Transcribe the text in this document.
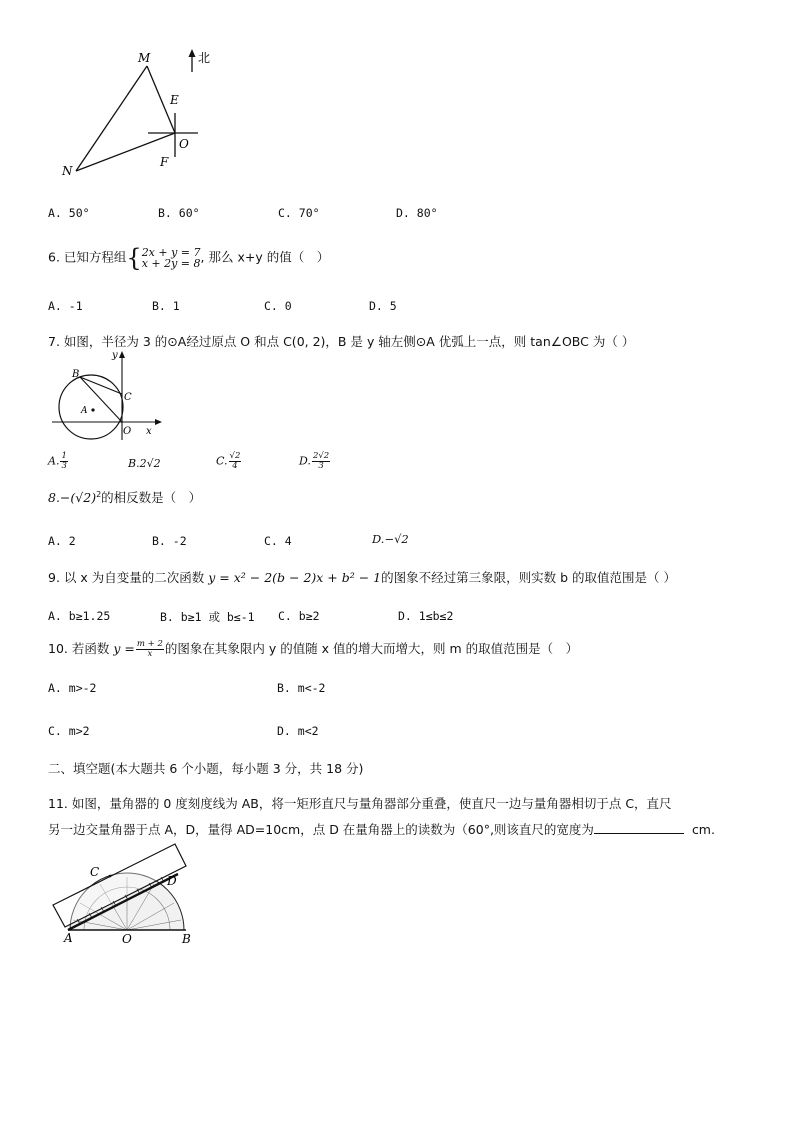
M
E
O
F
N
北
A. 50°	B. 60°	C. 70°	D. 80°
6. 已知方程组{2x + y = 7
x + 2y = 8, 那么 x+y 的值（　）
A. -1	B. 1	C. 0	D. 5
7. 如图，半径为 3 的⊙A经过原点 O 和点 C(0, 2)，B 是 y 轴左侧⊙A 优弧上一点，则 tan∠OBC 为（ ）
y
B
C
A
O x
A. $\frac{1}{3}$	B.2√2	C. $\frac{√2}{4}$	D. $\frac{2√2}{3}$
$8.-(√2)^2$的相反数是（　）
A. 2	B. -2	C. 4	D.−√2
9. 以 x 为自变量的二次函数 y = x² − 2(b − 2)x + b² − 1的图象不经过第三象限，则实数 b 的取值范围是（ ）
A. b≥1.25	B. b≥1 或 b≤-1 C. b≥2	D. 1≤b≤2
10. 若函数 $y = \frac{m + 2}{x}$ 的图象在其象限内 y 的值随 x 值的增大而增大，则 m 的取值范围是（　）
A. m>-2	B. m<-2
C. m>2	D. m<2
二、填空题(本大题共 6 个小题，每小题 3 分，共 18 分)
11. 如图，量角器的 0 度刻度线为 AB，将一矩形直尺与量角器部分重叠，使直尺一边与量角器相切于点 C，直尺
另一边交量角器于点 A，D，量得 AD=10cm，点 D 在量角器上的读数为（60°,则该直尺的宽度为	cm.
C
D
A	O	B
